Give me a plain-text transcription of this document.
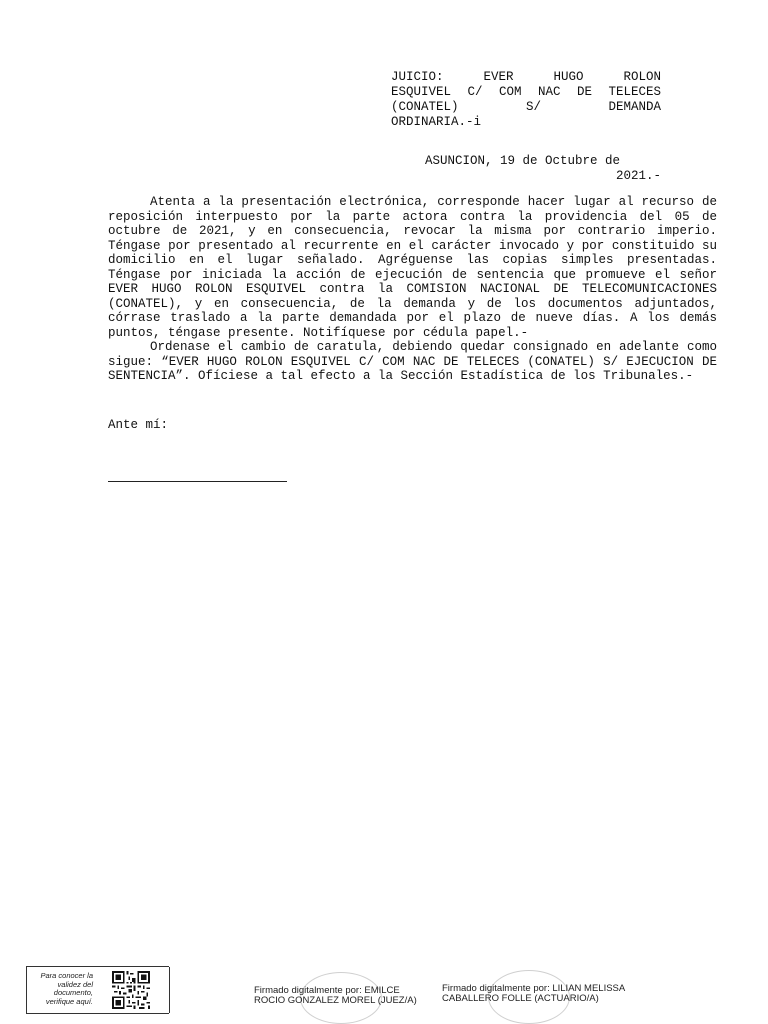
JUICIO: EVER HUGO ROLON
ESQUIVEL C/ COM NAC DE TELECES
(CONATEL) S/ DEMANDA
ORDINARIA.-i
ASUNCION, 19 de Octubre de
2021.-

Atenta a la presentación electrónica, corresponde hacer lugar al recurso de reposición interpuesto por la parte actora contra la providencia del 05 de octubre de 2021, y en consecuencia, revocar la misma por contrario imperio. Téngase por presentado al recurrente en el carácter invocado y por constituido su domicilio en el lugar señalado. Agréguense las copias simples presentadas. Téngase por iniciada la acción de ejecución de sentencia que promueve el señor EVER HUGO ROLON ESQUIVEL contra la COMISION NACIONAL DE TELECOMUNICACIONES (CONATEL), y en consecuencia, de la demanda y de los documentos adjuntados, córrase traslado a la parte demandada por el plazo de nueve días. A los demás puntos, téngase presente. Notifíquese por cédula papel.-

Ordenase el cambio de caratula, debiendo quedar consignado en adelante como sigue: “EVER HUGO ROLON ESQUIVEL C/ COM NAC DE TELECES (CONATEL) S/ EJECUCION DE SENTENCIA”. Ofíciese a tal efecto a la Sección Estadística de los Tribunales.-

Ante mí:
Para conocer la
validez del
documento,
verifique aquí.
Firmado digitalmente por: EMILCE
ROCIO GONZALEZ MOREL (JUEZ/A)
Firmado digitalmente por: LILIAN MELISSA
CABALLERO FOLLE (ACTUARIO/A)
